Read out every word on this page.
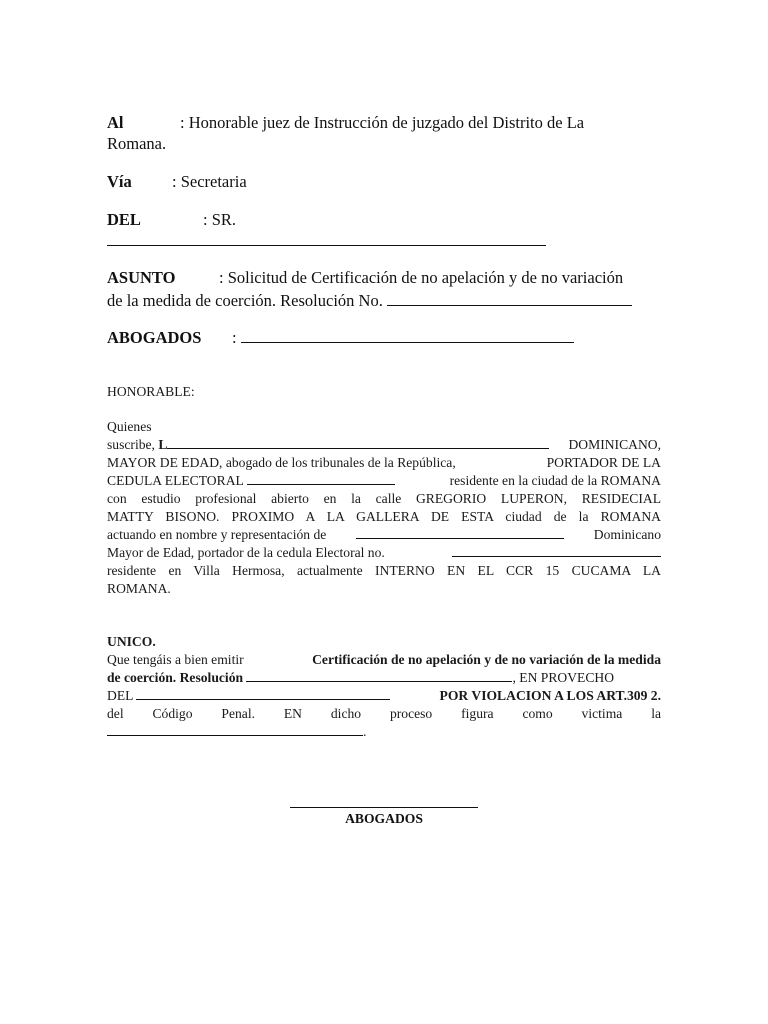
Al	: Honorable juez de Instrucción de juzgado del Distrito de La
Romana.
Vía : Secretaria
DEL	: SR.
ASUNTO	: Solicitud de Certificación de no apelación y de no variación
de la medida de coerción. Resolución No.
ABOGADOS :
HONORABLE:
Quienes
suscribe, L	DOMINICANO,
MAYOR DE EDAD, abogado de los tribunales de la República,	PORTADOR DE LA
CEDULA ELECTORAL	residente en la ciudad de la ROMANA
con estudio profesional abierto en la calle GREGORIO LUPERON, RESIDECIAL
MATTY BISONO. PROXIMO A LA GALLERA DE ESTA ciudad de la ROMANA
actuando en nombre y representación de	Dominicano
Mayor de Edad, portador de la cedula Electoral no.
residente en Villa Hermosa, actualmente INTERNO EN EL CCR 15 CUCAMA LA
ROMANA.
UNICO.
Que tengáis a bien emitir	Certificación de no apelación y de no variación de la medida
de coerción. Resolución	, EN PROVECHO
DEL	POR VIOLACION A LOS ART.309 2.
del Código Penal. EN dicho proceso figura como victima la
.
ABOGADOS
